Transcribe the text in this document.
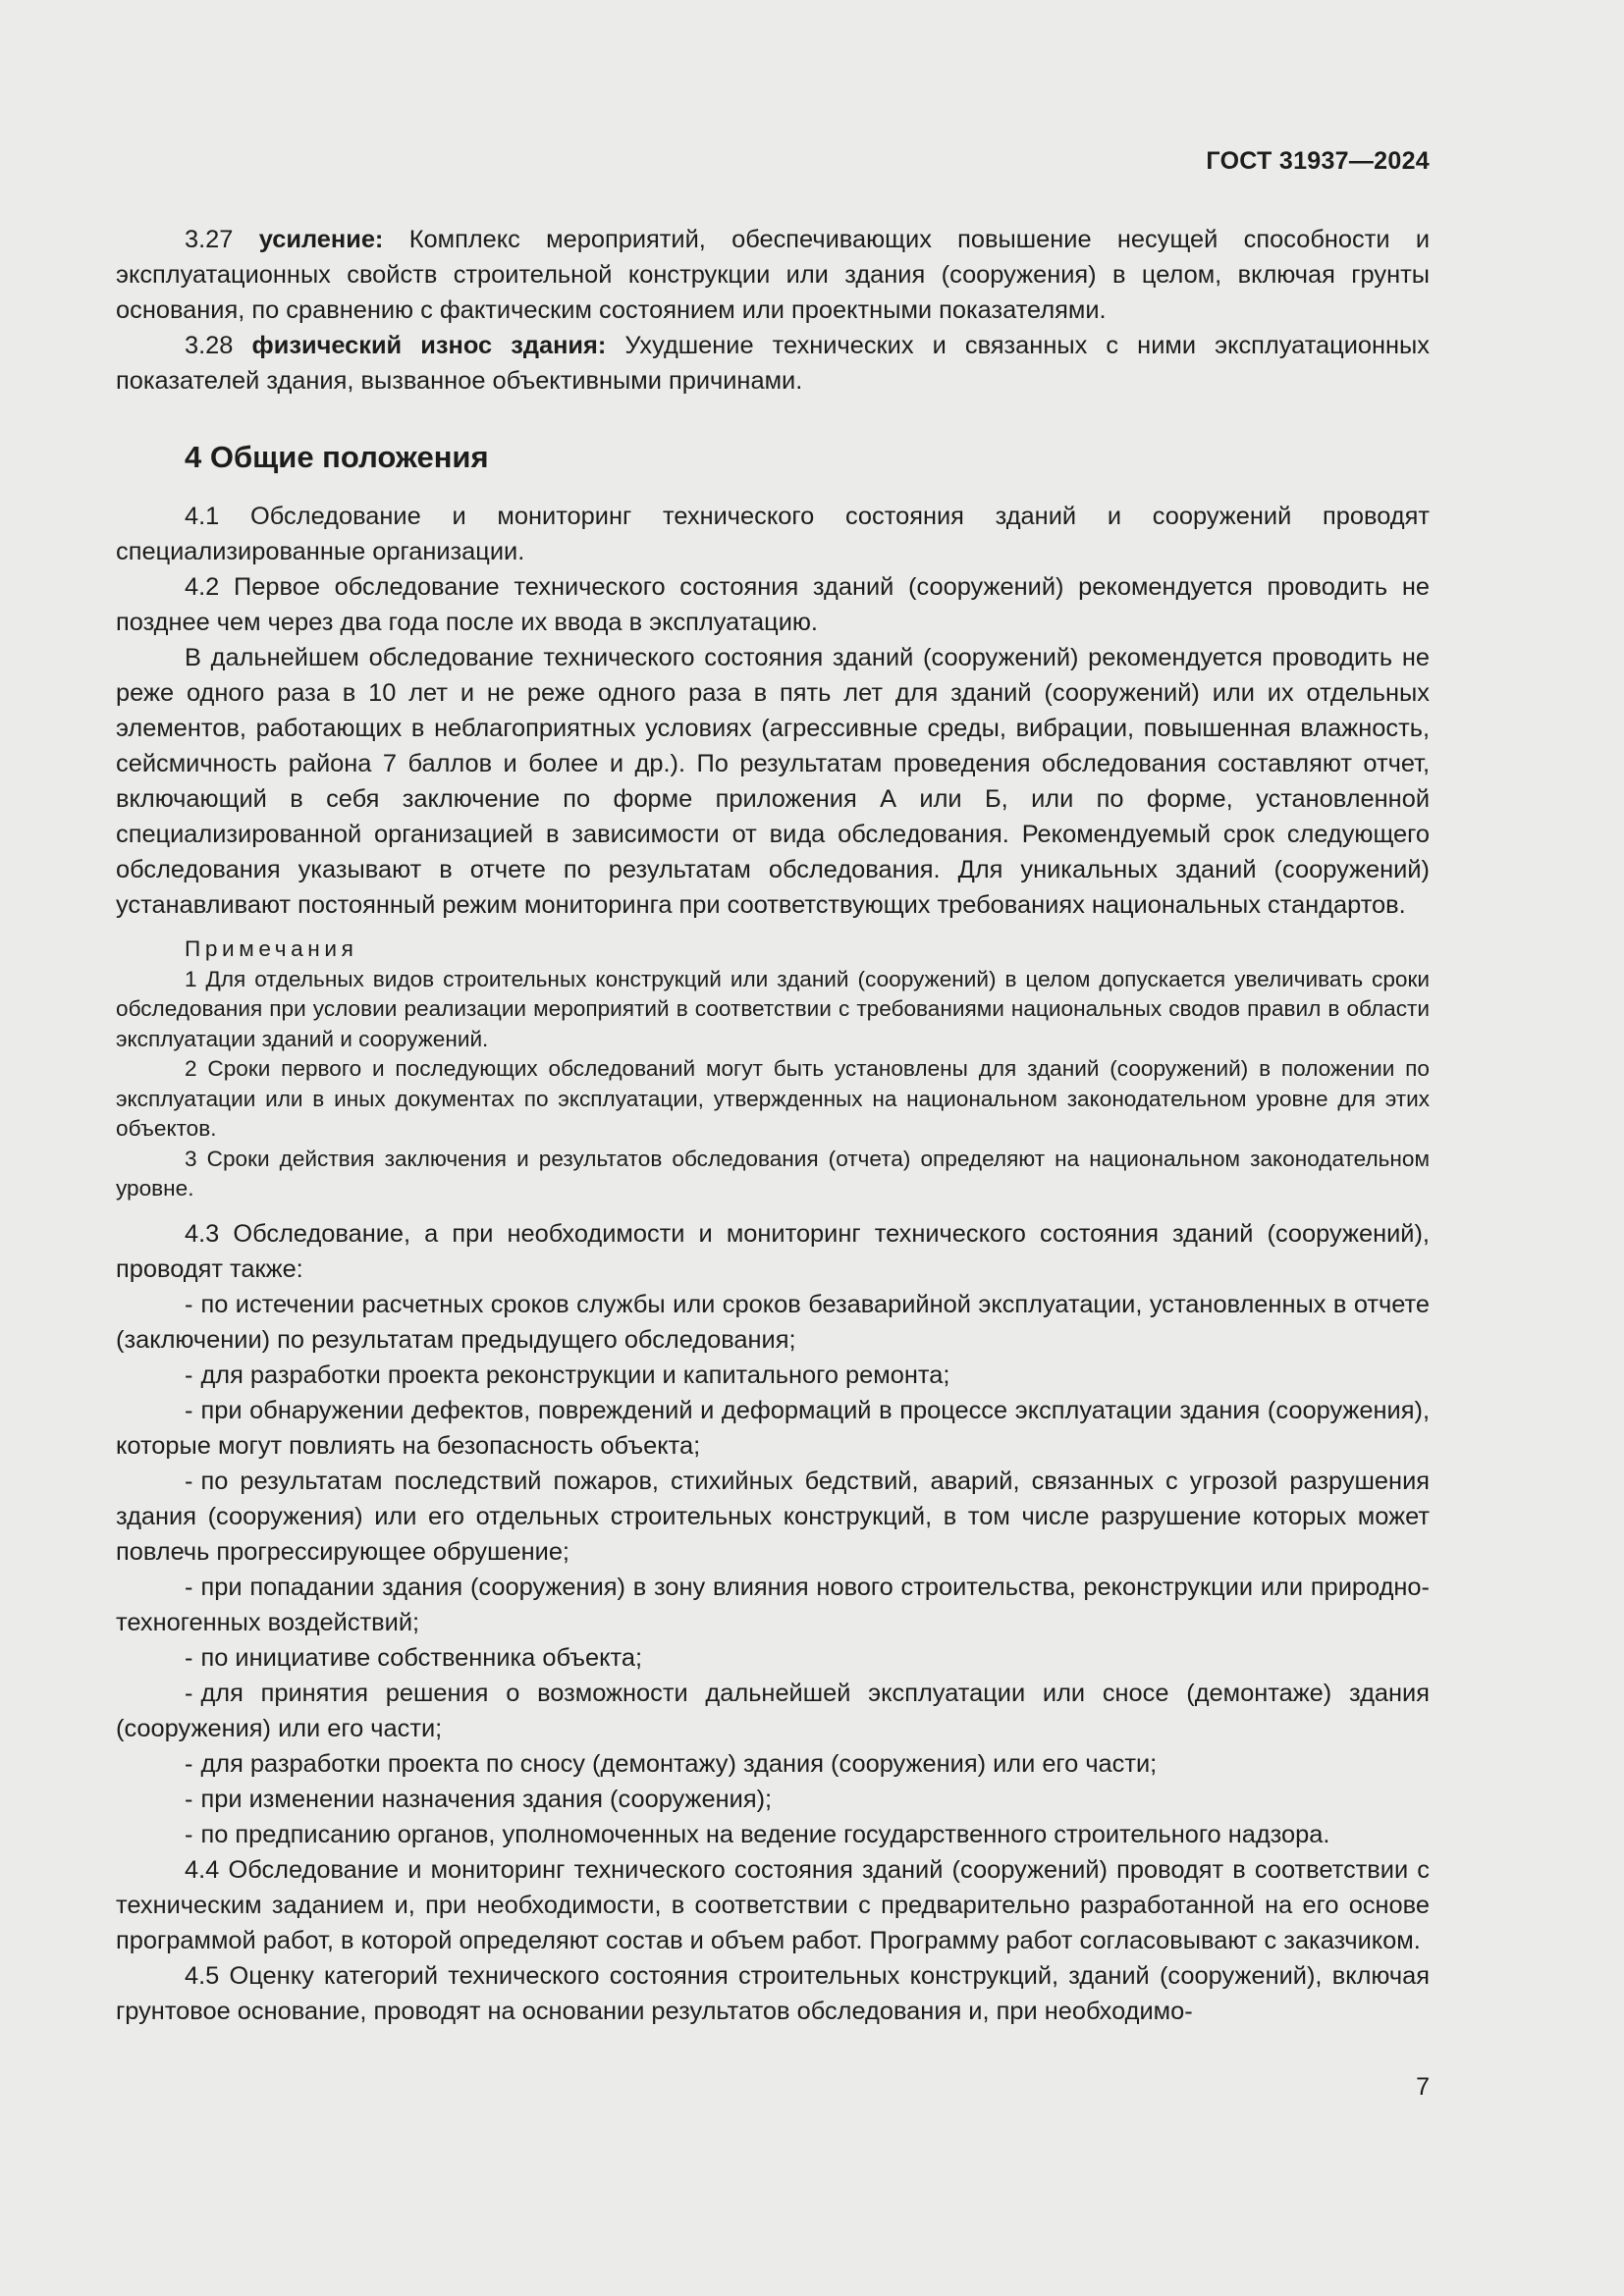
ГОСТ 31937—2024

3.27 усиление: Комплекс мероприятий, обеспечивающих повышение несущей способности и эксплуатационных свойств строительной конструкции или здания (сооружения) в целом, включая грунты основания, по сравнению с фактическим состоянием или проектными показателями.

3.28 физический износ здания: Ухудшение технических и связанных с ними эксплуатационных показателей здания, вызванное объективными причинами.

4 Общие положения

4.1 Обследование и мониторинг технического состояния зданий и сооружений проводят специализированные организации.

4.2 Первое обследование технического состояния зданий (сооружений) рекомендуется проводить не позднее чем через два года после их ввода в эксплуатацию.

В дальнейшем обследование технического состояния зданий (сооружений) рекомендуется проводить не реже одного раза в 10 лет и не реже одного раза в пять лет для зданий (сооружений) или их отдельных элементов, работающих в неблагоприятных условиях (агрессивные среды, вибрации, повышенная влажность, сейсмичность района 7 баллов и более и др.). По результатам проведения обследования составляют отчет, включающий в себя заключение по форме приложения А или Б, или по форме, установленной специализированной организацией в зависимости от вида обследования. Рекомендуемый срок следующего обследования указывают в отчете по результатам обследования. Для уникальных зданий (сооружений) устанавливают постоянный режим мониторинга при соответствующих требованиях национальных стандартов.

Примечания

1 Для отдельных видов строительных конструкций или зданий (сооружений) в целом допускается увеличивать сроки обследования при условии реализации мероприятий в соответствии с требованиями национальных сводов правил в области эксплуатации зданий и сооружений.

2 Сроки первого и последующих обследований могут быть установлены для зданий (сооружений) в положении по эксплуатации или в иных документах по эксплуатации, утвержденных на национальном законодательном уровне для этих объектов.

3 Сроки действия заключения и результатов обследования (отчета) определяют на национальном законодательном уровне.

4.3 Обследование, а при необходимости и мониторинг технического состояния зданий (сооружений), проводят также:

- по истечении расчетных сроков службы или сроков безаварийной эксплуатации, установленных в отчете (заключении) по результатам предыдущего обследования;

- для разработки проекта реконструкции и капитального ремонта;

- при обнаружении дефектов, повреждений и деформаций в процессе эксплуатации здания (сооружения), которые могут повлиять на безопасность объекта;

- по результатам последствий пожаров, стихийных бедствий, аварий, связанных с угрозой разрушения здания (сооружения) или его отдельных строительных конструкций, в том числе разрушение которых может повлечь прогрессирующее обрушение;

- при попадании здания (сооружения) в зону влияния нового строительства, реконструкции или природно-техногенных воздействий;

- по инициативе собственника объекта;

- для принятия решения о возможности дальнейшей эксплуатации или сносе (демонтаже) здания (сооружения) или его части;

- для разработки проекта по сносу (демонтажу) здания (сооружения) или его части;

- при изменении назначения здания (сооружения);

- по предписанию органов, уполномоченных на ведение государственного строительного надзора.

4.4 Обследование и мониторинг технического состояния зданий (сооружений) проводят в соответствии с техническим заданием и, при необходимости, в соответствии с предварительно разработанной на его основе программой работ, в которой определяют состав и объем работ. Программу работ согласовывают с заказчиком.

4.5 Оценку категорий технического состояния строительных конструкций, зданий (сооружений), включая грунтовое основание, проводят на основании результатов обследования и, при необходимо-

7
